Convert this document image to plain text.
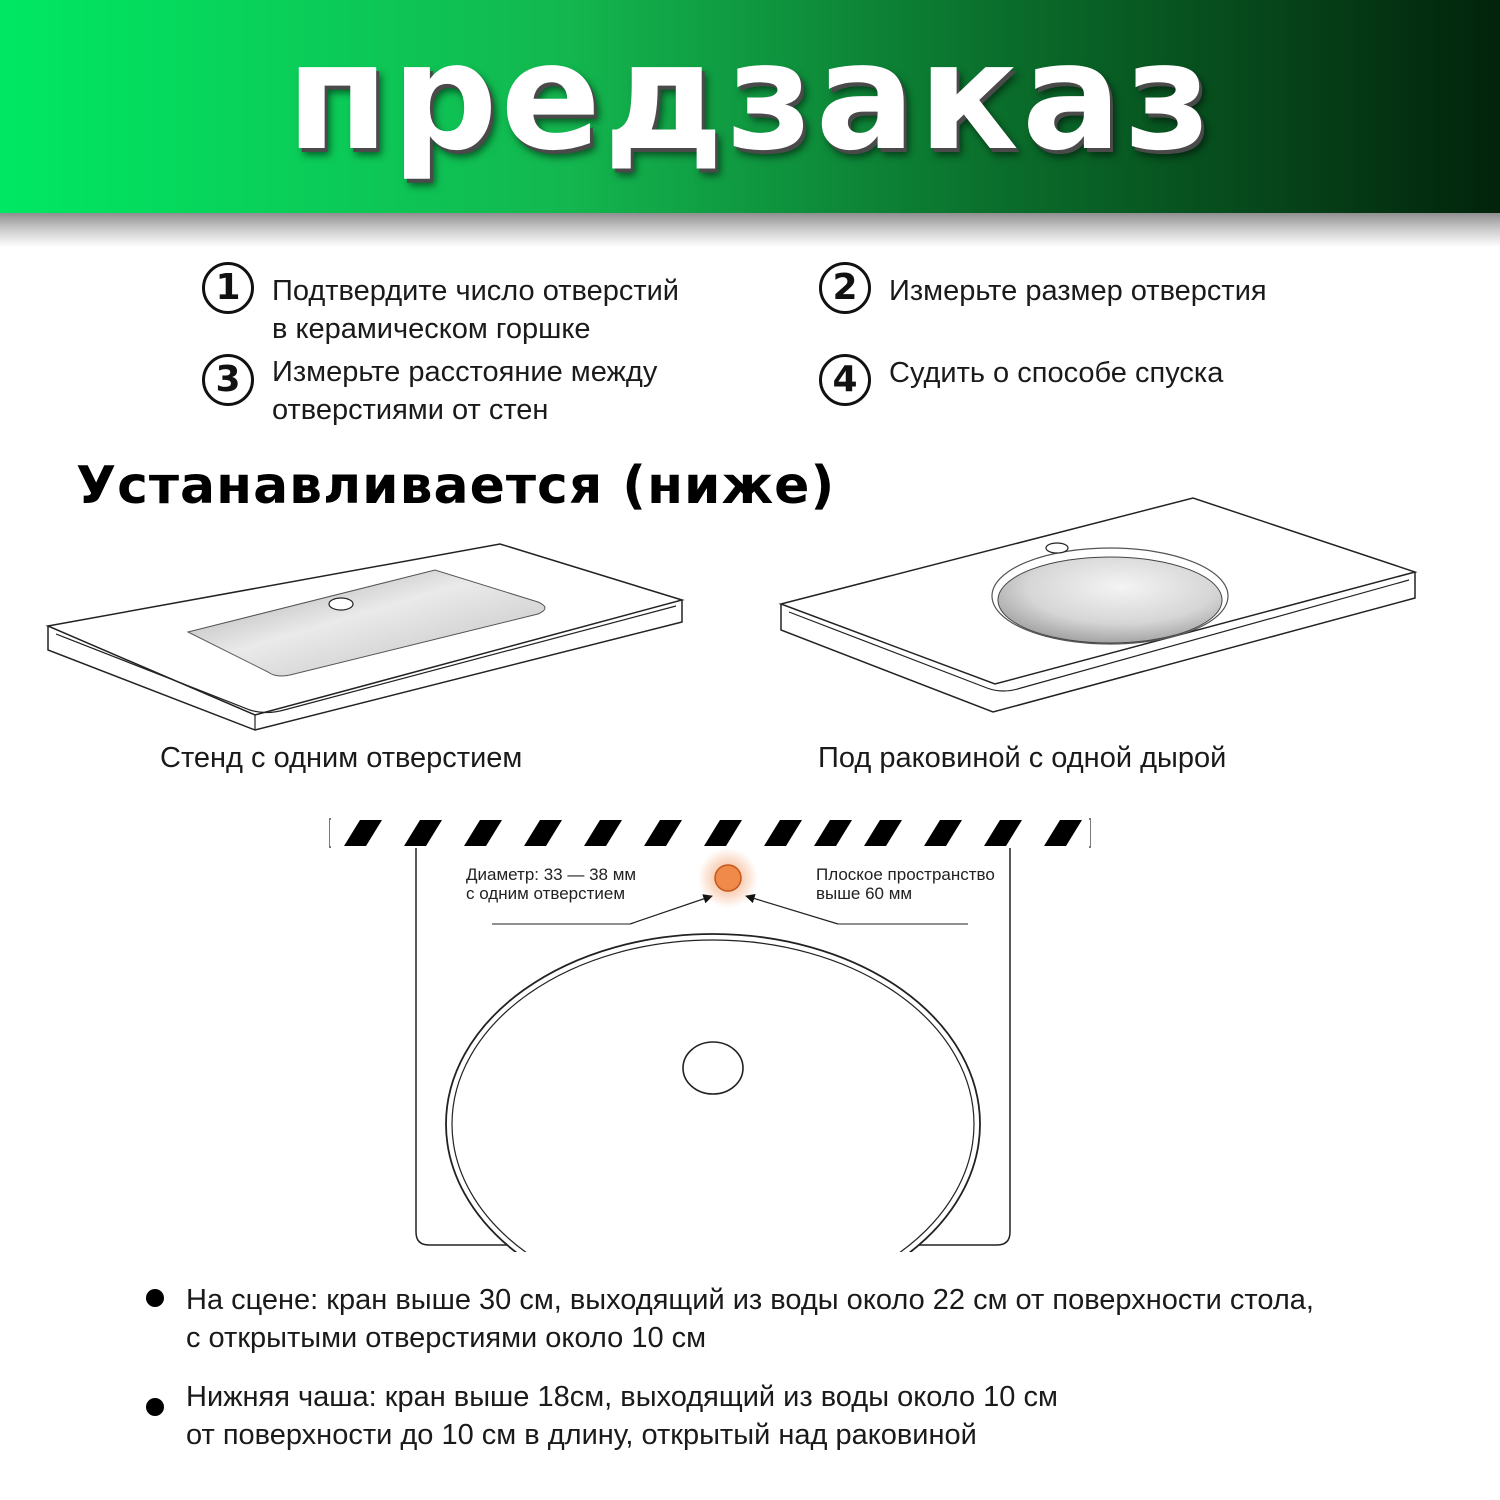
предзаказ
1	Подтвердите число отверстий
в керамическом горшке
2	Измерьте размер отверстия
3	Измерьте расстояние между
отверстиями от стен
4	Судить о способе спуска
Устанавливается (ниже)
Стенд с одним отверстием	Под раковиной с одной дырой
Диаметр: 33 — 38 мм
с одним отверстием
Плоское пространство
выше 60 мм
На сцене: кран выше 30 см, выходящий из воды около 22 см от поверхности стола,
с открытыми отверстиями около 10 см
Нижняя чаша: кран выше 18см, выходящий из воды около 10 см
от поверхности до 10 см в длину, открытый над раковиной
